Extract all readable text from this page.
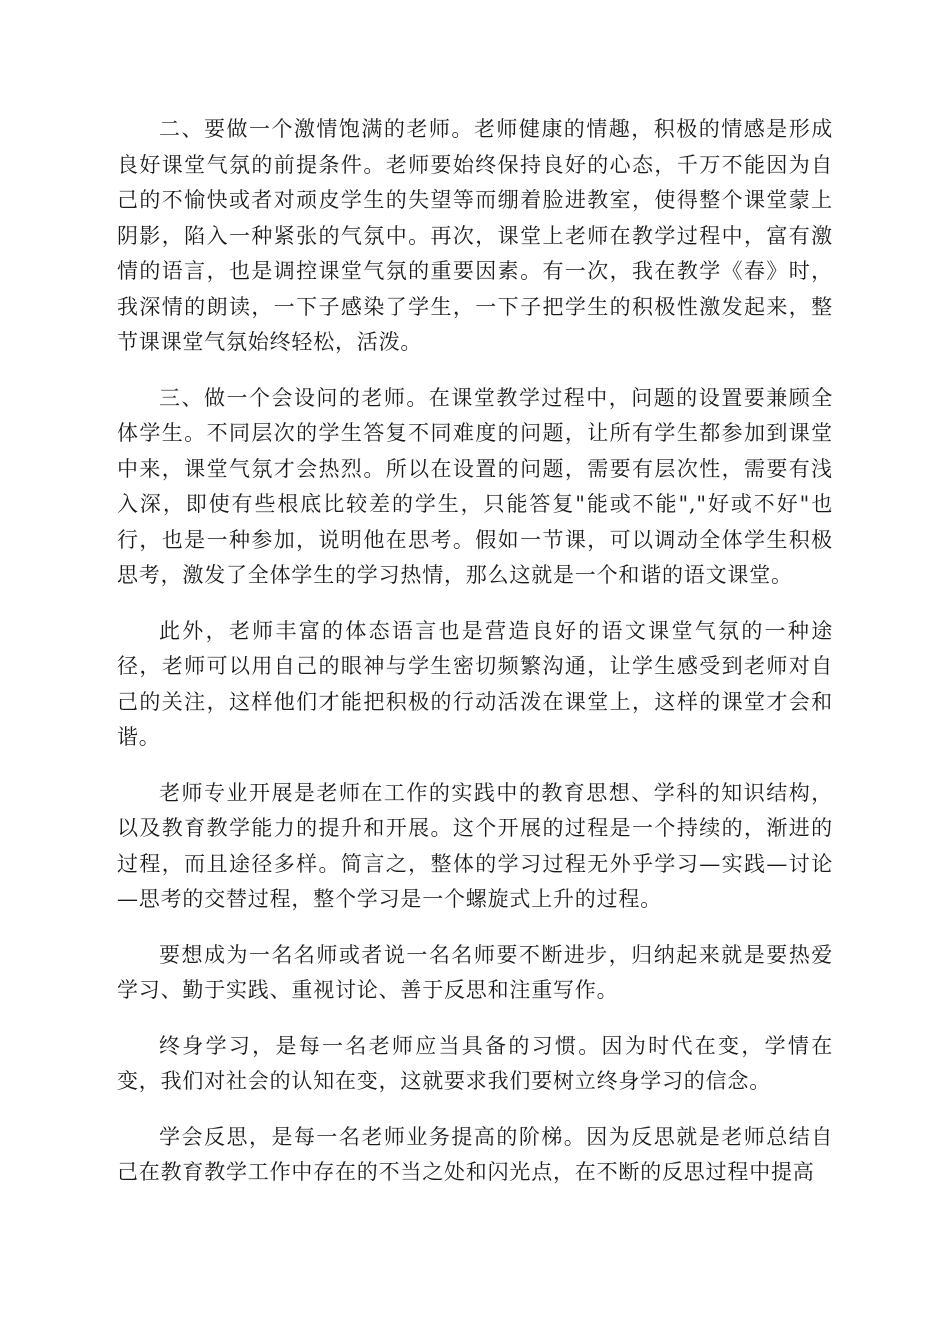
二、要做一个激情饱满的老师。老师健康的情趣，积极的情感是形成良好课堂气氛的前提条件。老师要始终保持良好的心态，千万不能因为自己的不愉快或者对顽皮学生的失望等而绷着脸进教室，使得整个课堂蒙上阴影，陷入一种紧张的气氛中。再次，课堂上老师在教学过程中，富有激情的语言，也是调控课堂气氛的重要因素。有一次，我在教学《春》时，我深情的朗读，一下子感染了学生，一下子把学生的积极性激发起来，整节课课堂气氛始终轻松，活泼。

三、做一个会设问的老师。在课堂教学过程中，问题的设置要兼顾全体学生。不同层次的学生答复不同难度的问题，让所有学生都参加到课堂中来，课堂气氛才会热烈。所以在设置的问题，需要有层次性，需要有浅入深，即使有些根底比较差的学生，只能答复"能或不能","好或不好"也行，也是一种参加，说明他在思考。假如一节课，可以调动全体学生积极思考，激发了全体学生的学习热情，那么这就是一个和谐的语文课堂。

此外，老师丰富的体态语言也是营造良好的语文课堂气氛的一种途径，老师可以用自己的眼神与学生密切频繁沟通，让学生感受到老师对自己的关注，这样他们才能把积极的行动活泼在课堂上，这样的课堂才会和谐。

老师专业开展是老师在工作的实践中的教育思想、学科的知识结构，以及教育教学能力的提升和开展。这个开展的过程是一个持续的，渐进的过程，而且途径多样。简言之，整体的学习过程无外乎学习—实践—讨论—思考的交替过程，整个学习是一个螺旋式上升的过程。

要想成为一名名师或者说一名名师要不断进步，归纳起来就是要热爱学习、勤于实践、重视讨论、善于反思和注重写作。

终身学习，是每一名老师应当具备的习惯。因为时代在变，学情在变，我们对社会的认知在变，这就要求我们要树立终身学习的信念。

学会反思，是每一名老师业务提高的阶梯。因为反思就是老师总结自己在教育教学工作中存在的不当之处和闪光点，在不断的反思过程中提高
